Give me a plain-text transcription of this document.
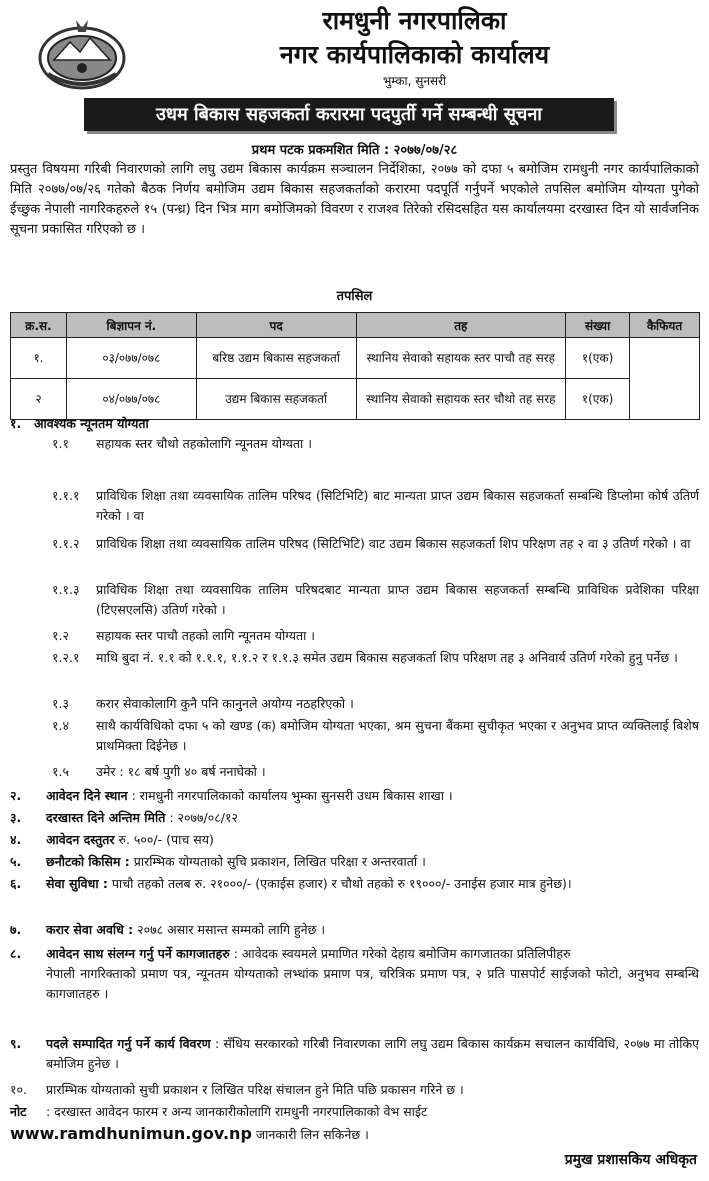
रामधुनी नगरपालिका
नगर कार्यपालिकाको कार्यालय
भुम्का, सुनसरी
उधम बिकास सहजकर्ता करारमा पदपुर्ती गर्ने सम्बन्धी सूचना
प्रथम पटक प्रकमशित मिति : २०७७/०७/२८
प्रस्तुत विषयमा गरिबी निवारणको लागि लघु उद्यम बिकास कार्यक्रम सञ्चालन निर्देशिका, २०७७ को दफा ५ बमोजिम रामधुनी नगर कार्यपालिकाको मिति २०७७/०७/२६ गतेको बैठक निर्णय बमोजिम उद्यम बिकास सहजकर्ताको करारमा पदपूर्ति गर्नुपर्ने भएकोले तपसिल बमोजिम योग्यता पुगेको ईच्छुक नेपाली नागरिकहरुले १५ (पन्ध्र) दिन भित्र माग बमोजिमको विवरण र राजश्व तिरेको रसिदसहित यस कार्यालयमा दरखास्त दिन यो सार्वजनिक सूचना प्रकासित गरिएको छ ।
तपसिल
क्र.स.	बिज्ञापन नं.	पद	तह	संख्या	कैफियत
१.	०३/०७७/०७८	बरिष्ठ उद्यम बिकास सहजकर्ता	स्थानिय सेवाको सहायक स्तर पाचौ तह सरह	१(एक)	
२	०४/०७७/०७८	उद्यम बिकास सहजकर्ता	स्थानिय सेवाको सहायक स्तर चौथो तह सरह	१(एक)	
१. आवश्यक न्यूनतम योग्यता
१.१ सहायक स्तर चौथो तहकोलागि न्यूनतम योग्यता ।
१.१.१ प्राविधिक शिक्षा तथा व्यवसायिक तालिम परिषद (सिटिभिटि) बाट मान्यता प्राप्त उद्यम बिकास सहजकर्ता सम्बन्धि डिप्लोमा कोर्ष उतिर्ण गरेको । वा
१.१.२ प्राविधिक शिक्षा तथा व्यवसायिक तालिम परिषद (सिटिभिटि) वाट उद्यम बिकास सहजकर्ता शिप परिक्षण तह २ वा ३ उतिर्ण गरेको । वा
१.१.३ प्राविधिक शिक्षा तथा व्यवसायिक तालिम परिषदबाट मान्यता प्राप्त उद्यम बिकास सहजकर्ता सम्बन्धि प्राविधिक प्रवेशिका परिक्षा (टिएसएलसि) उतिर्ण गरेको ।
१.२ सहायक स्तर पाचौ तहको लागि न्यूनतम योग्यता ।
१.२.१ माथि बुदा नं. १.१ को १.१.१, १.१.२ र १.१.३ समेत उद्यम बिकास सहजकर्ता शिप परिक्षण तह ३ अनिवार्य उतिर्ण गरेको हुनु पर्नेछ ।
१.३ करार सेवाकोलागि कुनै पनि कानुनले अयोग्य नठहरिएको ।
१.४ साथै कार्यविधिको दफा ५ को खण्ड (क) बमोजिम योग्यता भएका, श्रम सुचना बैंकमा सुचीकृत भएका र अनुभव प्राप्त व्यक्तिलाई बिशेष प्राथमिक्ता दिईनेछ ।
१.५ उमेर : १८ बर्ष पुगी ४० बर्ष ननाघेको ।
२. आवेदन दिने स्थान : रामधुनी नगरपालिकाको कार्यालय भुम्का सुनसरी उधम बिकास शाखा ।
३. दरखास्त दिने अन्तिम मिति : २०७७/०८/१२
४. आवेदन दस्तुतर रु. ५००/- (पाच सय)
५. छनौटको किसिम : प्रारम्भिक योग्यताको सुचि प्रकाशन, लिखित परिक्षा र अन्तरवार्ता ।
६. सेवा सुविधा : पाचौ तहको तलब रु. २१०००/- (एकाईस हजार) र चौथो तहको रु १९०००/- उनाईस हजार मात्र हुनेछ)।
७. करार सेवा अवधि : २०७८ असार मसान्त सम्मको लागि हुनेछ ।
८. आवेदन साथ संलग्न गर्नु पर्ने कागजातहरु : आवेदक स्वयमले प्रमाणित गरेको देहाय बमोजिम कागजातका प्रतिलिपीहरु
नेपाली नागरिक्ताको प्रमाण पत्र, न्यूनतम योग्यताको लभ्धांक प्रमाण पत्र, चरित्रिक प्रमाण पत्र, २ प्रति पासपोर्ट साईजको फोटो, अनुभव सम्बन्धि कागजातहरु ।
९. पदले सम्पादित गर्नु पर्ने कार्य विवरण : सँधिय सरकारको गरिबी निवारणका लागि लघु उद्यम बिकास कार्यक्रम सचालन कार्यविधि, २०७७ मा तोकिए बमोजिम हुनेछ ।
१०. प्रारम्भिक योग्यताको सुची प्रकाशन र लिखित परिक्ष संचालन हुने मिति पछि प्रकासन गरिने छ ।
नोट : दरखास्त आवेदन फारम र अन्य जानकारीकोलागि रामधुनी नगरपालिकाको वेभ साईट
www.ramdhunimun.gov.np जानकारी लिन सकिनेछ ।
प्रमुख प्रशासकिय अधिकृत
